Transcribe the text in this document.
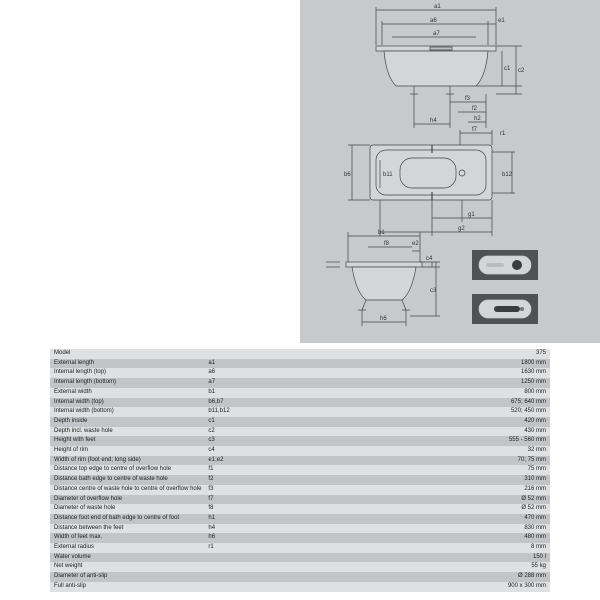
a1
a6	e1
a7
c1 c2
f3
f2
h2
h4
f7
r1
b6	b11	b12
g1
g2
b1
f8	e2
c4
c3
h6
Model		375
External length	a1	1800 mm
Internal length (top)	a6	1630 mm
Internal length (bottom)	a7	1250 mm
External width	b1	800 mm
Internal width (top)	b6,b7	675; 640 mm
Internal width (bottom)	b11,b12	520; 450 mm
Depth inside	c1	420 mm
Depth incl. waste hole	c2	430 mm
Height with feet	c3	555 - 560 mm
Height of rim	c4	32 mm
Width of rim (foot end; long side)	e1;e2	70; 75 mm
Distance top edge to centre of overflow hole	f1	75 mm
Distance bath edge to centre of waste hole	f2	310 mm
Distance centre of waste hole to centre of overflow hole	f3	216 mm
Diameter of overflow hole	f7	Ø 52 mm
Diameter of waste hole	f8	Ø 52 mm
Distance foot end of bath edge to centre of foot	h1	470 mm
Distance between the feet	h4	830 mm
Width of feet max.	h6	480 mm
External radius	r1	8 mm
Water volume		150 l
Net weight		55 kg
Diameter of anti-slip		Ø 288 mm
Full anti-slip		900 x 300 mm
